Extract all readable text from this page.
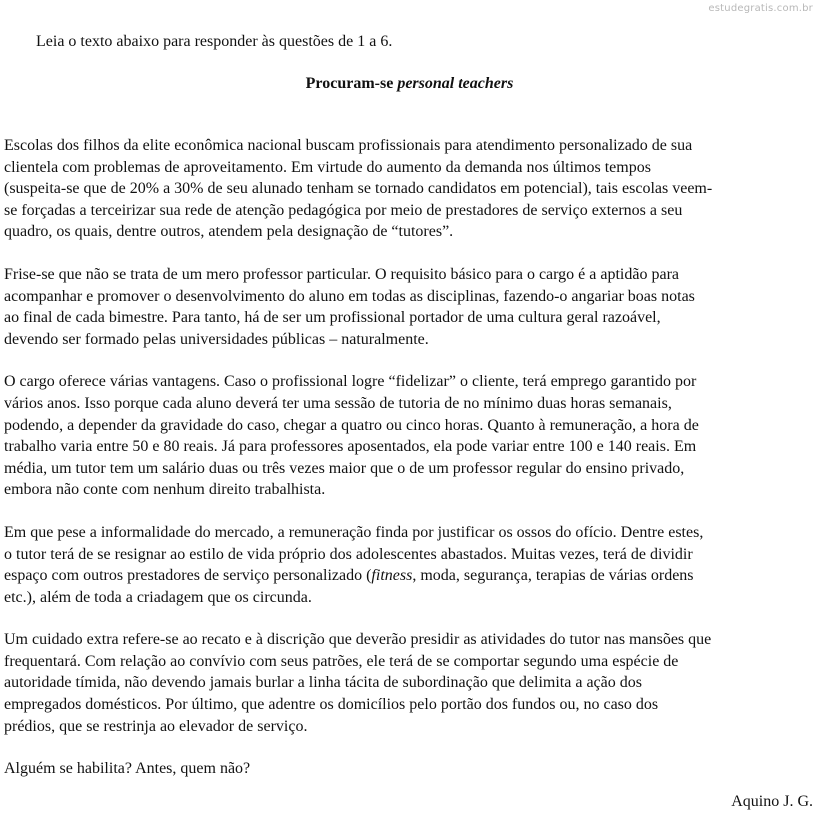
estudegratis.com.br

Leia o texto abaixo para responder às questões de 1 a 6.

Procuram-se personal teachers

Escolas dos filhos da elite econômica nacional buscam profissionais para atendimento personalizado de sua
clientela com problemas de aproveitamento. Em virtude do aumento da demanda nos últimos tempos
(suspeita-se que de 20% a 30% de seu alunado tenham se tornado candidatos em potencial), tais escolas veem-
se forçadas a terceirizar sua rede de atenção pedagógica por meio de prestadores de serviço externos a seu
quadro, os quais, dentre outros, atendem pela designação de “tutores”.

Frise-se que não se trata de um mero professor particular. O requisito básico para o cargo é a aptidão para
acompanhar e promover o desenvolvimento do aluno em todas as disciplinas, fazendo-o angariar boas notas
ao final de cada bimestre. Para tanto, há de ser um profissional portador de uma cultura geral razoável,
devendo ser formado pelas universidades públicas – naturalmente.

O cargo oferece várias vantagens. Caso o profissional logre “fidelizar” o cliente, terá emprego garantido por
vários anos. Isso porque cada aluno deverá ter uma sessão de tutoria de no mínimo duas horas semanais,
podendo, a depender da gravidade do caso, chegar a quatro ou cinco horas. Quanto à remuneração, a hora de
trabalho varia entre 50 e 80 reais. Já para professores aposentados, ela pode variar entre 100 e 140 reais. Em
média, um tutor tem um salário duas ou três vezes maior que o de um professor regular do ensino privado,
embora não conte com nenhum direito trabalhista.

Em que pese a informalidade do mercado, a remuneração finda por justificar os ossos do ofício. Dentre estes,
o tutor terá de se resignar ao estilo de vida próprio dos adolescentes abastados. Muitas vezes, terá de dividir
espaço com outros prestadores de serviço personalizado (fitness, moda, segurança, terapias de várias ordens
etc.), além de toda a criadagem que os circunda.

Um cuidado extra refere-se ao recato e à discrição que deverão presidir as atividades do tutor nas mansões que
frequentará. Com relação ao convívio com seus patrões, ele terá de se comportar segundo uma espécie de
autoridade tímida, não devendo jamais burlar a linha tácita de subordinação que delimita a ação dos
empregados domésticos. Por último, que adentre os domicílios pelo portão dos fundos ou, no caso dos
prédios, que se restrinja ao elevador de serviço.

Alguém se habilita? Antes, quem não?

Aquino J. G.
